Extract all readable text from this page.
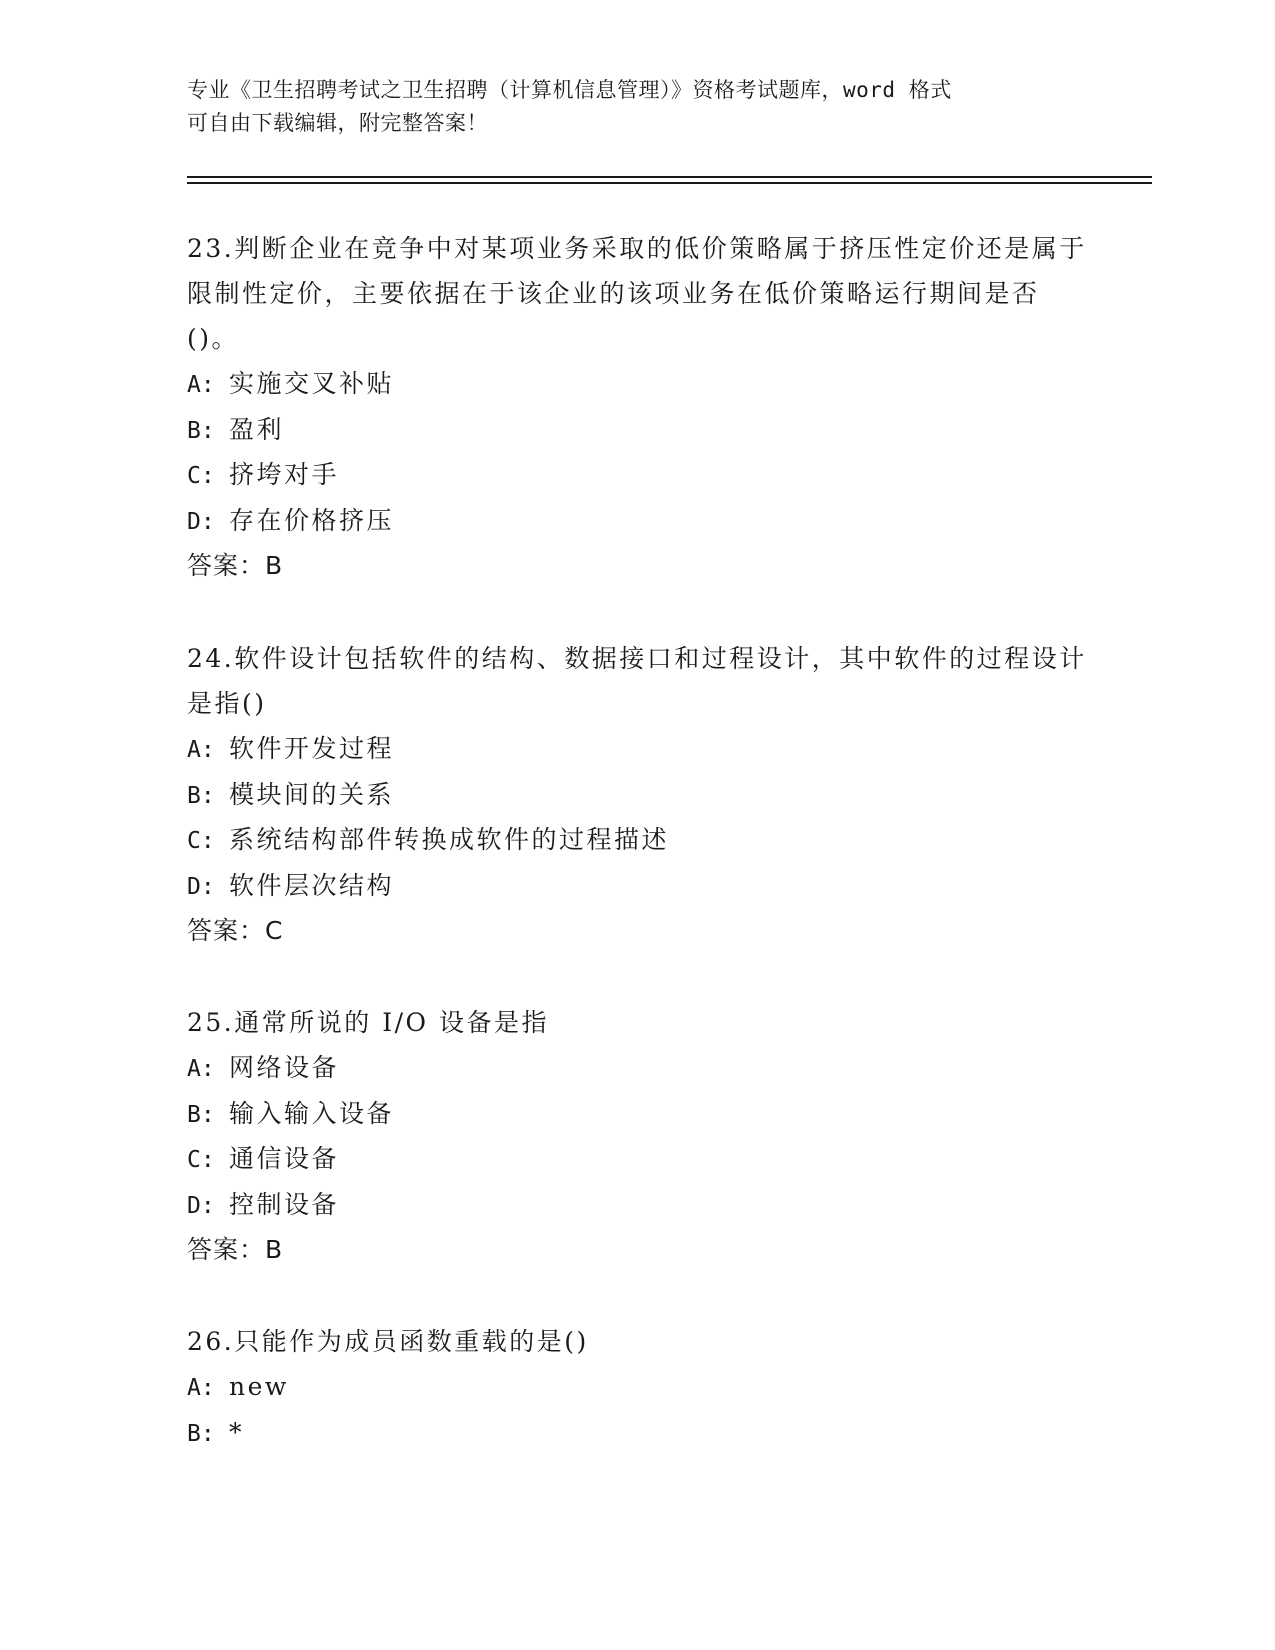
专业《卫生招聘考试之卫生招聘（计算机信息管理）》资格考试题库，word 格式

可自由下载编辑，附完整答案！

23.判断企业在竞争中对某项业务采取的低价策略属于挤压性定价还是属于限制性定价，主要依据在于该企业的该项业务在低价策略运行期间是否()。

A: 实施交叉补贴
B: 盈利
C: 挤垮对手
D: 存在价格挤压
答案：B

24.软件设计包括软件的结构、数据接口和过程设计，其中软件的过程设计是指()

A: 软件开发过程
B: 模块间的关系
C: 系统结构部件转换成软件的过程描述
D: 软件层次结构
答案：C

25.通常所说的 I/O 设备是指

A: 网络设备
B: 输入输入设备
C: 通信设备
D: 控制设备
答案：B

26.只能作为成员函数重载的是()

A: new
B: *
